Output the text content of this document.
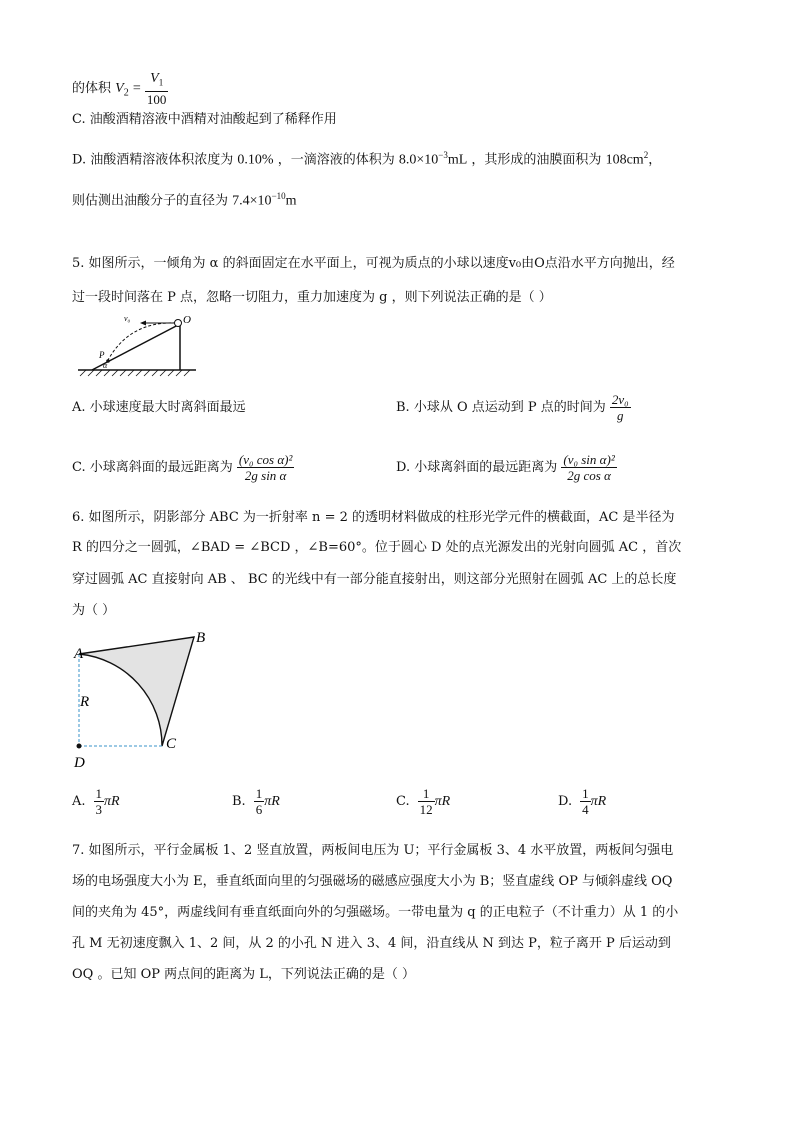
的体积 $V_2 = \frac{V_1}{100}$
C. 油酸酒精溶液中酒精对油酸起到了稀释作用
D. 油酸酒精溶液体积浓度为 0.10% ，一滴溶液的体积为 $8.0\times 10^{-3}mL$ ，其形成的油膜面积为 $108cm^2$，
则估测出油酸分子的直径为 $7.4\times 10^{-10}m$
5. 如图所示，一倾角为 α 的斜面固定在水平面上，可视为质点的小球以速度v₀由O点沿水平方向抛出，经
过一段时间落在 P 点，忽略一切阻力，重力加速度为 g ，则下列说法正确的是（ ）
v₀	O
P
α
A. 小球速度最大时离斜面最远	B. 小球从 O 点运动到 P 点的时间为 $\frac{\text{2v₀}}{g}$
C. 小球离斜面的最远距离为 $\frac{\text{(v₀ cos α)²}}{\text{2g sin α}}$	D. 小球离斜面的最远距离为 $\frac{\text{(v₀ sin α)²}}{\text{2g cos α}}$
6. 如图所示，阴影部分 ABC 为一折射率 n = 2 的透明材料做成的柱形光学元件的横截面，AC 是半径为
R 的四分之一圆弧，∠BAD = ∠BCD ，∠B=60°。位于圆心 D 处的点光源发出的光射向圆弧 AC ，首次
穿过圆弧 AC 直接射向 AB 、 BC 的光线中有一部分能直接射出，则这部分光照射在圆弧 AC 上的总长度
为（ ）
A
B
C
D
R
A. $\frac{1}{3}$ πR	B. $\frac{1}{6}$ πR	C. $\frac{1}{12}$ πR	D. $\frac{1}{4}$ πR
7. 如图所示，平行金属板 1、2 竖直放置，两板间电压为 U；平行金属板 3、4 水平放置，两板间匀强电
场的电场强度大小为 E，垂直纸面向里的匀强磁场的磁感应强度大小为 B；竖直虚线 OP 与倾斜虚线 OQ
间的夹角为 45°，两虚线间有垂直纸面向外的匀强磁场。一带电量为 q 的正电粒子（不计重力）从 1 的小
孔 M 无初速度飘入 1、2 间，从 2 的小孔 N 进入 3、4 间，沿直线从 N 到达 P，粒子离开 P 后运动到
OQ 。已知 OP 两点间的距离为 L，下列说法正确的是（ ）
